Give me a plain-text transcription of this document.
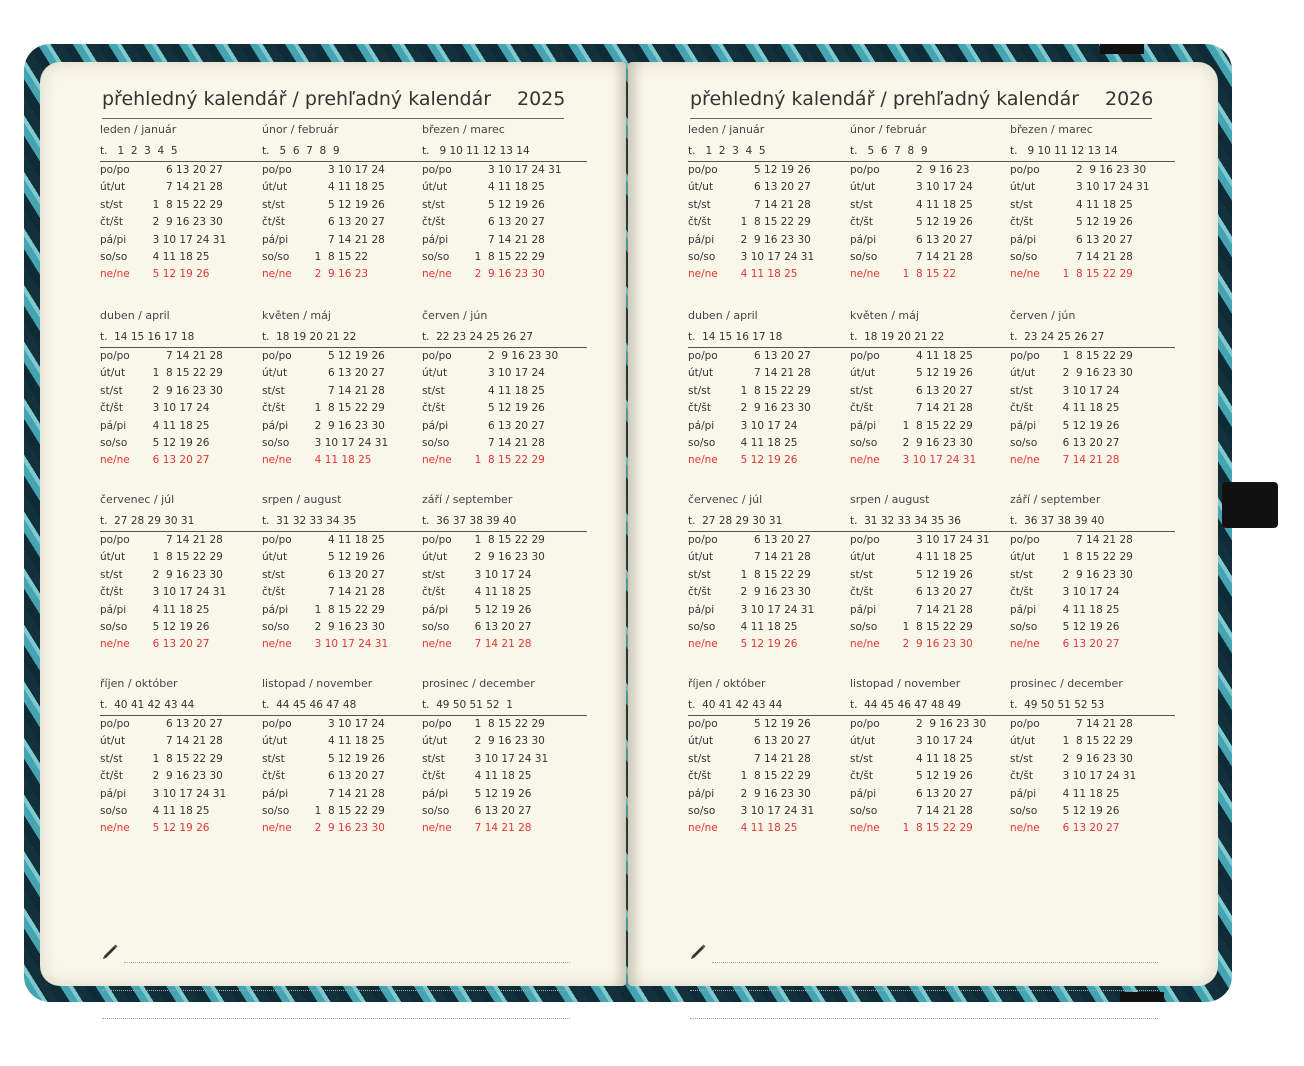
přehledný kalendář / prehľadný kalendár 2025
leden / január
t.   1  2  3  4  5
po/po      6 13 20 27
út/ut      7 14 21 28
st/st  1  8 15 22 29
čt/št  2  9 16 23 30
pá/pi  3 10 17 24 31
so/so  4 11 18 25
ne/ne  5 12 19 26
únor / február
t.   5  6  7  8  9
po/po      3 10 17 24
út/ut      4 11 18 25
st/st      5 12 19 26
čt/št      6 13 20 27
pá/pi      7 14 21 28
so/so  1  8 15 22
ne/ne  2  9 16 23
březen / marec
t.   9 10 11 12 13 14
po/po      3 10 17 24 31
út/ut      4 11 18 25
st/st      5 12 19 26
čt/št      6 13 20 27
pá/pi      7 14 21 28
so/so  1  8 15 22 29
ne/ne  2  9 16 23 30
duben / april
t.  14 15 16 17 18
po/po      7 14 21 28
út/ut  1  8 15 22 29
st/st  2  9 16 23 30
čt/št  3 10 17 24
pá/pi  4 11 18 25
so/so  5 12 19 26
ne/ne  6 13 20 27
květen / máj
t.  18 19 20 21 22
po/po      5 12 19 26
út/ut      6 13 20 27
st/st      7 14 21 28
čt/št  1  8 15 22 29
pá/pi  2  9 16 23 30
so/so  3 10 17 24 31
ne/ne  4 11 18 25
červen / jún
t.  22 23 24 25 26 27
po/po      2  9 16 23 30
út/ut      3 10 17 24
st/st      4 11 18 25
čt/št      5 12 19 26
pá/pi      6 13 20 27
so/so      7 14 21 28
ne/ne  1  8 15 22 29
červenec / júl
t.  27 28 29 30 31
po/po      7 14 21 28
út/ut  1  8 15 22 29
st/st  2  9 16 23 30
čt/št  3 10 17 24 31
pá/pi  4 11 18 25
so/so  5 12 19 26
ne/ne  6 13 20 27
srpen / august
t.  31 32 33 34 35
po/po      4 11 18 25
út/ut      5 12 19 26
st/st      6 13 20 27
čt/št      7 14 21 28
pá/pi  1  8 15 22 29
so/so  2  9 16 23 30
ne/ne  3 10 17 24 31
září / september
t.  36 37 38 39 40
po/po  1  8 15 22 29
út/ut  2  9 16 23 30
st/st  3 10 17 24
čt/št  4 11 18 25
pá/pi  5 12 19 26
so/so  6 13 20 27
ne/ne  7 14 21 28
říjen / október
t.  40 41 42 43 44
po/po      6 13 20 27
út/ut      7 14 21 28
st/st  1  8 15 22 29
čt/št  2  9 16 23 30
pá/pi  3 10 17 24 31
so/so  4 11 18 25
ne/ne  5 12 19 26
listopad / november
t.  44 45 46 47 48
po/po      3 10 17 24
út/ut      4 11 18 25
st/st      5 12 19 26
čt/št      6 13 20 27
pá/pi      7 14 21 28
so/so  1  8 15 22 29
ne/ne  2  9 16 23 30
prosinec / december
t.  49 50 51 52  1
po/po  1  8 15 22 29
út/ut  2  9 16 23 30
st/st  3 10 17 24 31
čt/št  4 11 18 25
pá/pi  5 12 19 26
so/so  6 13 20 27
ne/ne  7 14 21 28
přehledný kalendář / prehľadný kalendár 2026
leden / január
t.   1  2  3  4  5
po/po      5 12 19 26
út/ut      6 13 20 27
st/st      7 14 21 28
čt/št  1  8 15 22 29
pá/pi  2  9 16 23 30
so/so  3 10 17 24 31
ne/ne  4 11 18 25
únor / február
t.   5  6  7  8  9
po/po      2  9 16 23
út/ut      3 10 17 24
st/st      4 11 18 25
čt/št      5 12 19 26
pá/pi      6 13 20 27
so/so      7 14 21 28
ne/ne  1  8 15 22
březen / marec
t.   9 10 11 12 13 14
po/po      2  9 16 23 30
út/ut      3 10 17 24 31
st/st      4 11 18 25
čt/št      5 12 19 26
pá/pi      6 13 20 27
so/so      7 14 21 28
ne/ne  1  8 15 22 29
duben / april
t.  14 15 16 17 18
po/po      6 13 20 27
út/ut      7 14 21 28
st/st  1  8 15 22 29
čt/št  2  9 16 23 30
pá/pi  3 10 17 24
so/so  4 11 18 25
ne/ne  5 12 19 26
květen / máj
t.  18 19 20 21 22
po/po      4 11 18 25
út/ut      5 12 19 26
st/st      6 13 20 27
čt/št      7 14 21 28
pá/pi  1  8 15 22 29
so/so  2  9 16 23 30
ne/ne  3 10 17 24 31
červen / jún
t.  23 24 25 26 27
po/po  1  8 15 22 29
út/ut  2  9 16 23 30
st/st  3 10 17 24
čt/št  4 11 18 25
pá/pi  5 12 19 26
so/so  6 13 20 27
ne/ne  7 14 21 28
červenec / júl
t.  27 28 29 30 31
po/po      6 13 20 27
út/ut      7 14 21 28
st/st  1  8 15 22 29
čt/št  2  9 16 23 30
pá/pi  3 10 17 24 31
so/so  4 11 18 25
ne/ne  5 12 19 26
srpen / august
t.  31 32 33 34 35 36
po/po      3 10 17 24 31
út/ut      4 11 18 25
st/st      5 12 19 26
čt/št      6 13 20 27
pá/pi      7 14 21 28
so/so  1  8 15 22 29
ne/ne  2  9 16 23 30
září / september
t.  36 37 38 39 40
po/po      7 14 21 28
út/ut  1  8 15 22 29
st/st  2  9 16 23 30
čt/št  3 10 17 24
pá/pi  4 11 18 25
so/so  5 12 19 26
ne/ne  6 13 20 27
říjen / október
t.  40 41 42 43 44
po/po      5 12 19 26
út/ut      6 13 20 27
st/st      7 14 21 28
čt/št  1  8 15 22 29
pá/pi  2  9 16 23 30
so/so  3 10 17 24 31
ne/ne  4 11 18 25
listopad / november
t.  44 45 46 47 48 49
po/po      2  9 16 23 30
út/ut      3 10 17 24
st/st      4 11 18 25
čt/št      5 12 19 26
pá/pi      6 13 20 27
so/so      7 14 21 28
ne/ne  1  8 15 22 29
prosinec / december
t.  49 50 51 52 53
po/po      7 14 21 28
út/ut  1  8 15 22 29
st/st  2  9 16 23 30
čt/št  3 10 17 24 31
pá/pi  4 11 18 25
so/so  5 12 19 26
ne/ne  6 13 20 27
